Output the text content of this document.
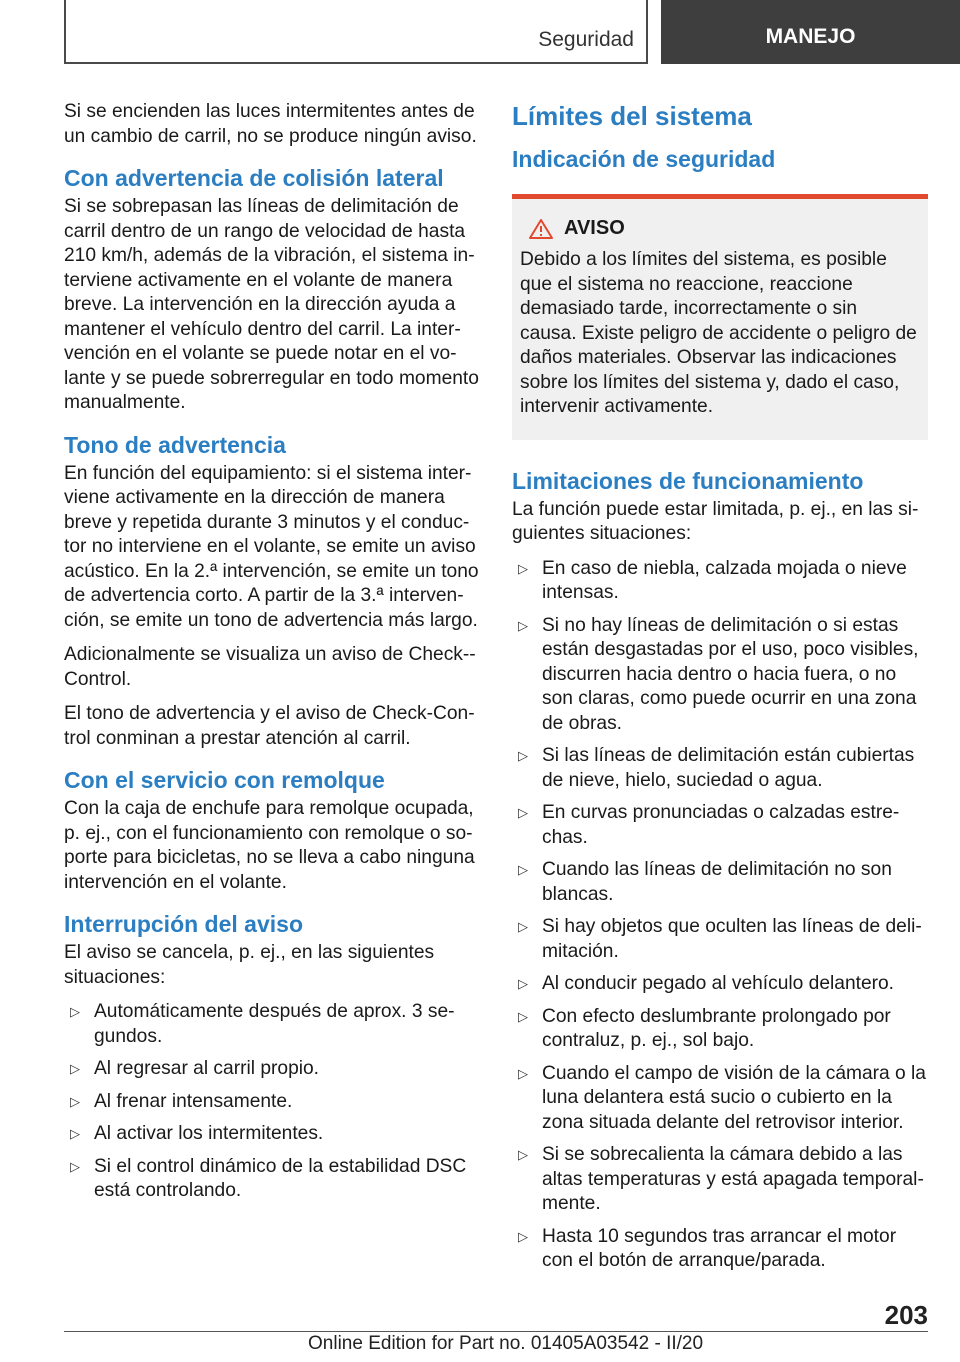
Seguridad	MANEJO

Si se encienden las luces intermitentes antes de un cambio de carril, no se produce ningún aviso.

Con advertencia de colisión lateral

Si se sobrepasan las líneas de delimitación de carril dentro de un rango de velocidad de hasta 210 km/h, además de la vibración, el sistema interviene activamente en el volante de manera breve. La intervención en la dirección ayuda a mantener el vehículo dentro del carril. La intervención en el volante se puede notar en el volante y se puede sobrerregular en todo momento manualmente.

Tono de advertencia

En función del equipamiento: si el sistema interviene activamente en la dirección de manera breve y repetida durante 3 minutos y el conductor no interviene en el volante, se emite un aviso acústico. En la 2.ª intervención, se emite un tono de advertencia corto. A partir de la 3.ª intervención, se emite un tono de advertencia más largo.

Adicionalmente se visualiza un aviso de Check-Control.

El tono de advertencia y el aviso de Check-Control conminan a prestar atención al carril.

Con el servicio con remolque

Con la caja de enchufe para remolque ocupada, p. ej., con el funcionamiento con remolque o soporte para bicicletas, no se lleva a cabo ninguna intervención en el volante.

Interrupción del aviso

El aviso se cancela, p. ej., en las siguientes situaciones:

▷ Automáticamente después de aprox. 3 segundos.
▷ Al regresar al carril propio.
▷ Al frenar intensamente.
▷ Al activar los intermitentes.
▷ Si el control dinámico de la estabilidad DSC está controlando.
Límites del sistema
Indicación de seguridad
AVISO

Debido a los límites del sistema, es posible que el sistema no reaccione, reaccione demasiado tarde, incorrectamente o sin causa. Existe peligro de accidente o peligro de daños materiales. Observar las indicaciones sobre los límites del sistema y, dado el caso, intervenir activamente.

Limitaciones de funcionamiento

La función puede estar limitada, p. ej., en las siguientes situaciones:

▷ En caso de niebla, calzada mojada o nieve intensas.
▷ Si no hay líneas de delimitación o si estas están desgastadas por el uso, poco visibles, discurren hacia dentro o hacia fuera, o no son claras, como puede ocurrir en una zona de obras.
▷ Si las líneas de delimitación están cubiertas de nieve, hielo, suciedad o agua.
▷ En curvas pronunciadas o calzadas estrechas.
▷ Cuando las líneas de delimitación no son blancas.
▷ Si hay objetos que oculten las líneas de delimitación.
▷ Al conducir pegado al vehículo delantero.
▷ Con efecto deslumbrante prolongado por contraluz, p. ej., sol bajo.
▷ Cuando el campo de visión de la cámara o la luna delantera está sucio o cubierto en la zona situada delante del retrovisor interior.
▷ Si se sobrecalienta la cámara debido a las altas temperaturas y está apagada temporalmente.
▷ Hasta 10 segundos tras arrancar el motor con el botón de arranque/parada.
203
Online Edition for Part no. 01405A03542 - II/20
